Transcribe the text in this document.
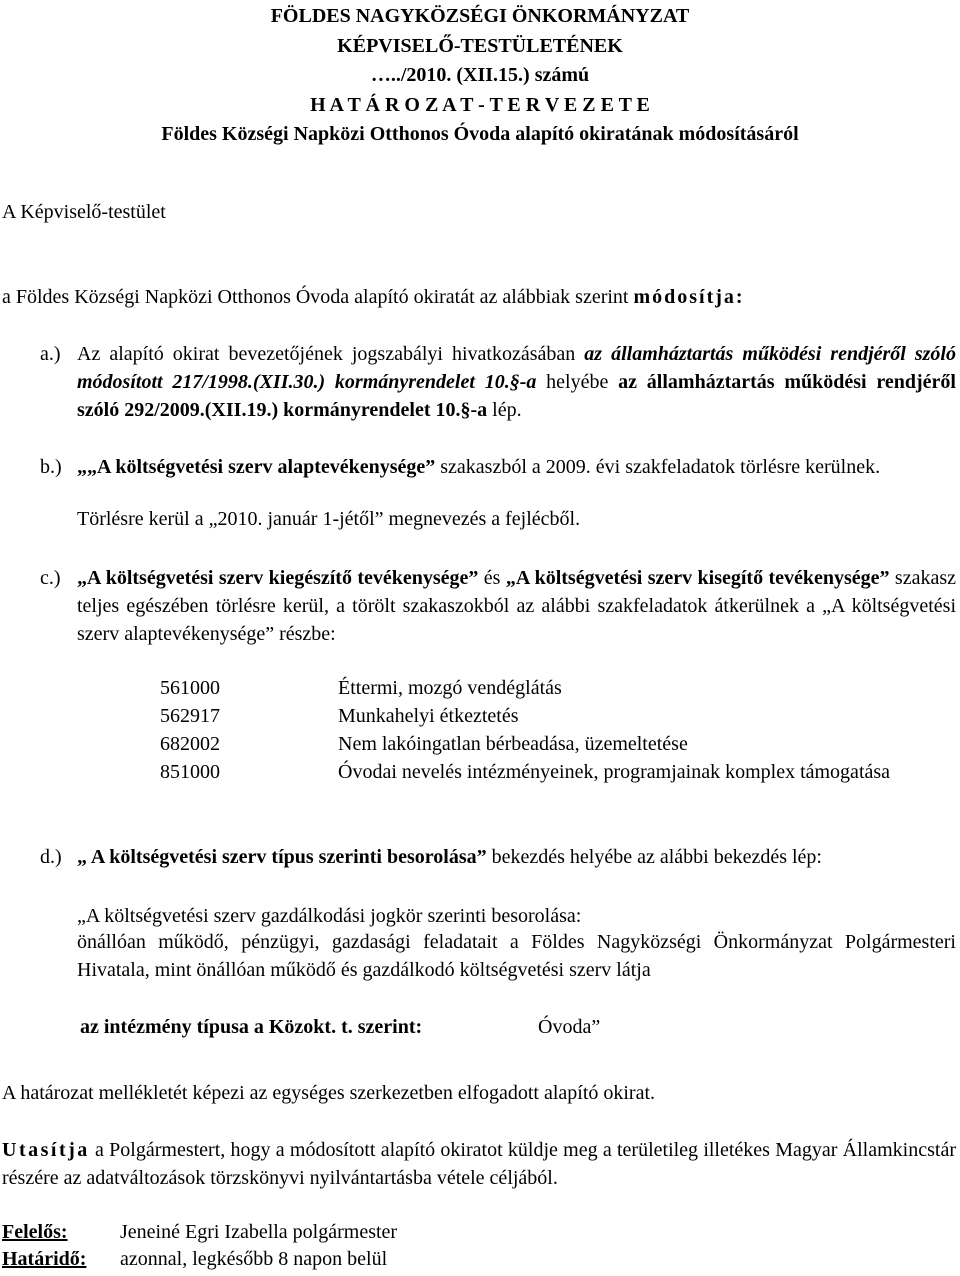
FÖLDES NAGYKÖZSÉGI ÖNKORMÁNYZAT
KÉPVISELŐ-TESTÜLETÉNEK
…../2010. (XII.15.) számú
H A T Á R O Z A T - T E R V E Z E T E
Földes Községi Napközi Otthonos Óvoda alapító okiratának módosításáról
A Képviselő-testület
a Földes Községi Napközi Otthonos Óvoda alapító okiratát az alábbiak szerint módosítja:
a.) Az alapító okirat bevezetőjének jogszabályi hivatkozásában az államháztartás működési rendjéről szóló módosított 217/1998.(XII.30.) kormányrendelet 10.§-a helyébe az államháztartás működési rendjéről szóló 292/2009.(XII.19.) kormányrendelet 10.§-a lép.
b.) „„A költségvetési szerv alaptevékenysége” szakaszból a 2009. évi szakfeladatok törlésre kerülnek.
Törlésre kerül a „2010. január 1-jétől” megnevezés a fejlécből.
c.) „A költségvetési szerv kiegészítő tevékenysége” és „A költségvetési szerv kisegítő tevékenysége” szakasz teljes egészében törlésre kerül, a törölt szakaszokból az alábbi szakfeladatok átkerülnek a „A költségvetési szerv alaptevékenysége” részbe:
561000	Éttermi, mozgó vendéglátás
562917	Munkahelyi étkeztetés
682002	Nem lakóingatlan bérbeadása, üzemeltetése
851000	Óvodai nevelés intézményeinek, programjainak komplex támogatása
d.) „ A költségvetési szerv típus szerinti besorolása” bekezdés helyébe az alábbi bekezdés lép:
„A költségvetési szerv gazdálkodási jogkör szerinti besorolása:
önállóan működő, pénzügyi, gazdasági feladatait a Földes Nagyközségi Önkormányzat Polgármesteri Hivatala, mint önállóan működő és gazdálkodó költségvetési szerv látja
az intézmény típusa a Közokt. t. szerint:	Óvoda”
A határozat mellékletét képezi az egységes szerkezetben elfogadott alapító okirat.
Utasítja a Polgármestert, hogy a módosított alapító okiratot küldje meg a területileg illetékes Magyar Államkincstár részére az adatváltozások törzskönyvi nyilvántartásba vétele céljából.
Felelős:	Jeneiné Egri Izabella polgármester
Határidő: azonnal, legkésőbb 8 napon belül
